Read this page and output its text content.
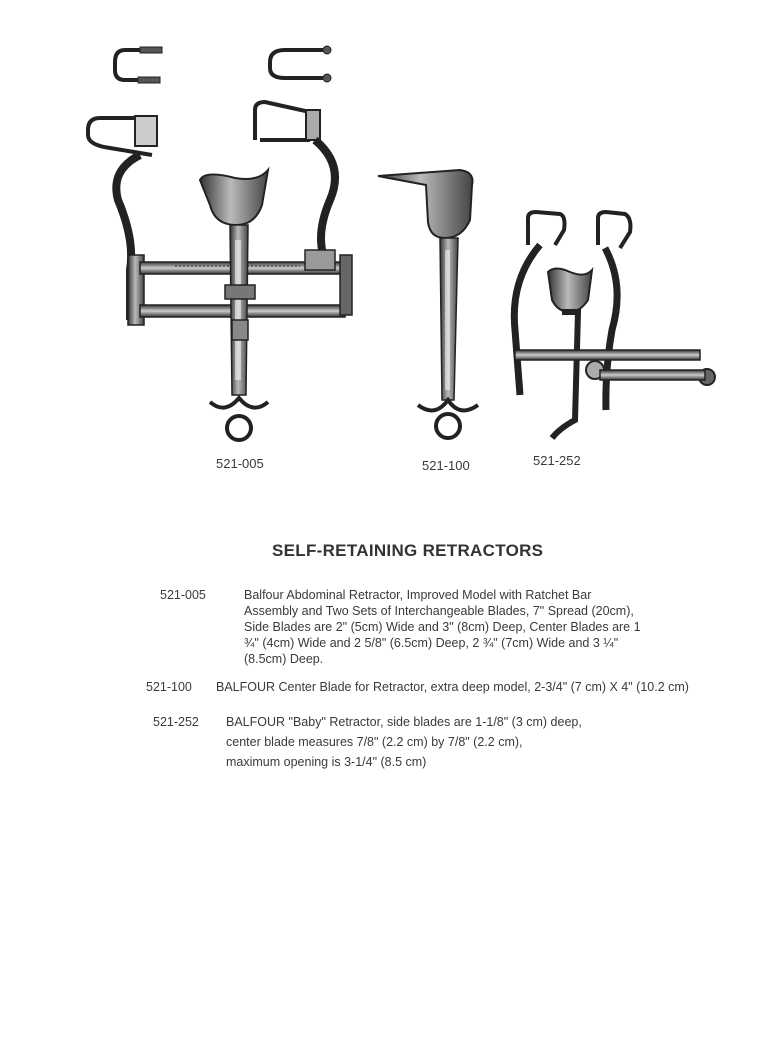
521-005	521-100	521-252
SELF-RETAINING RETRACTORS
521-005	Balfour Abdominal Retractor, Improved Model with Ratchet Bar
Assembly and Two Sets of Interchangeable Blades, 7" Spread (20cm),
Side Blades are 2" (5cm) Wide and 3" (8cm) Deep, Center Blades are 1
¾" (4cm) Wide and 2 5/8" (6.5cm) Deep, 2 ¾" (7cm) Wide and 3 ¼"
(8.5cm) Deep.
521-100 BALFOUR Center Blade for Retractor, extra deep model, 2-3/4" (7 cm) X 4" (10.2 cm)
521-252 BALFOUR "Baby" Retractor, side blades are 1-1/8" (3 cm) deep,
center blade measures 7/8" (2.2 cm) by 7/8" (2.2 cm),
maximum opening is 3-1/4" (8.5 cm)
